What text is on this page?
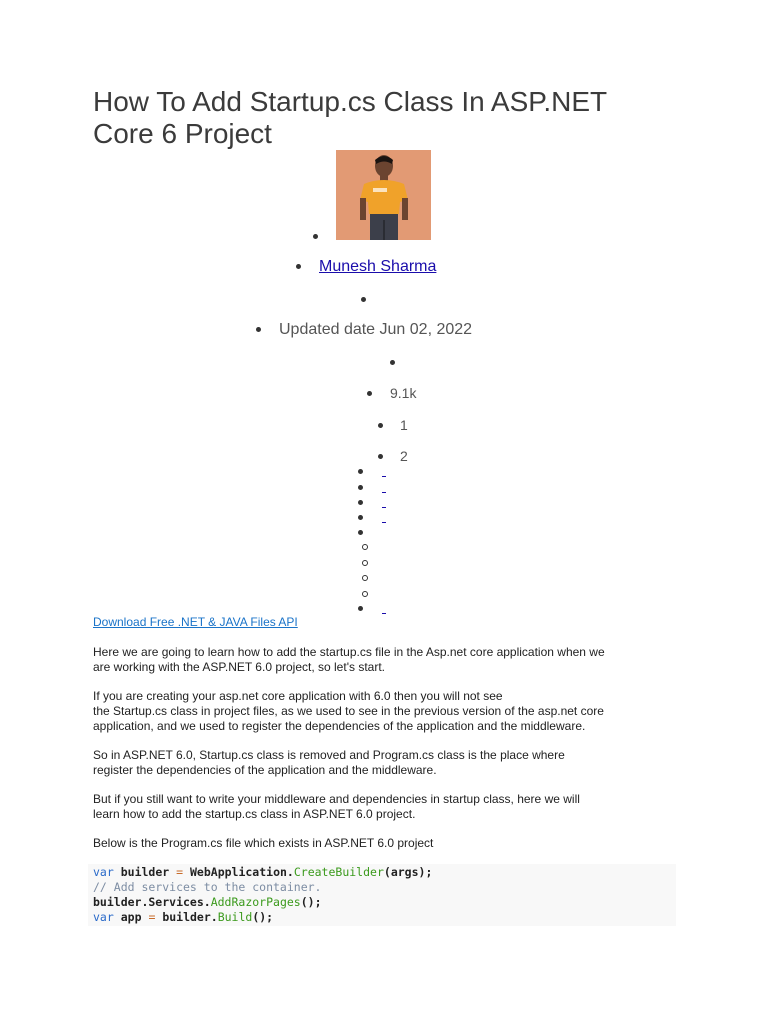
How To Add Startup.cs Class In ASP.NET
Core 6 Project
Munesh Sharma
Updated date Jun 02, 2022
9.1k
1
2
Download Free .NET & JAVA Files API

Here we are going to learn how to add the startup.cs file in the Asp.net core application when we
are working with the ASP.NET 6.0 project, so let's start.

If you are creating your asp.net core application with 6.0 then you will not see
the Startup.cs class in project files, as we used to see in the previous version of the asp.net core
application, and we used to register the dependencies of the application and the middleware.

So in ASP.NET 6.0, Startup.cs class is removed and Program.cs class is the place where
register the dependencies of the application and the middleware.

But if you still want to write your middleware and dependencies in startup class, here we will
learn how to add the startup.cs class in ASP.NET 6.0 project.

Below is the Program.cs file which exists in ASP.NET 6.0 project

var builder = WebApplication.CreateBuilder(args);
// Add services to the container.
builder.Services.AddRazorPages();
var app = builder.Build();
